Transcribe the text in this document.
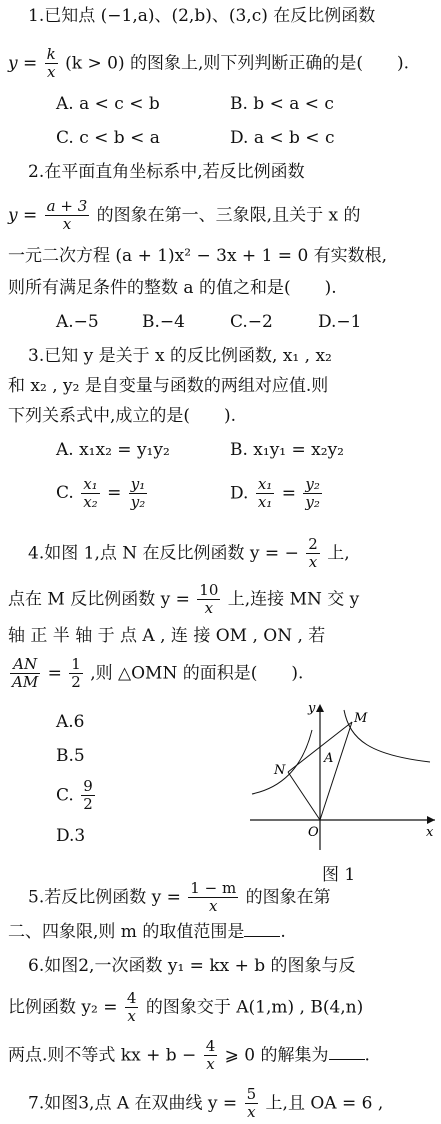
1.已知点 (−1,a)、(2,b)、(3,c) 在反比例函数
$y = \frac{k}{x} (k > 0)$ 的图象上,则下列判断正确的是(　　).
A. a < c < b	B. b < a < c
C. c < b < a	D. a < b < c
2.在平面直角坐标系中,若反比例函数
$y = \frac{a + 3}{x}$ 的图象在第一、三象限,且关于 x 的
一元二次方程 (a + 1)x² − 3x + 1 = 0 有实数根,
则所有满足条件的整数 a 的值之和是(　　).
A.−5	B.−4	C.−2	D.−1
3.已知 y 是关于 x 的反比例函数, x₁ , x₂
和 x₂ , y₂ 是自变量与函数的两组对应值.则
下列关系式中,成立的是(　　).
A. x₁x₂ = y₁y₂	B. x₁y₁ = x₂y₂
C. $\frac{\text{x₁}}{\text{x₂}} = \frac{\text{y₁}}{\text{y₂}}$	D. $\frac{\text{x₁}}{\text{x₁}} = \frac{\text{y₂}}{\text{y₂}}$
4.如图 1,点 N 在反比例函数 y = − $\frac{2}{x}$ 上,
点在 M 反比例函数 $y = \frac{10}{x}$ 上,连接 MN 交 y
轴 正 半 轴 于 点 A , 连 接 OM , ON , 若
$\frac{AN}{AM} = \frac{1}{2}$ ,则 △OMN 的面积是(　　).
A.6
B.5
C. $\frac{9}{2}$
D.3
y
x
M
N
A
O
图 1
5.若反比例函数 $y = \frac{1 - m}{x}$ 的图象在第
二、四象限,则 m 的取值范围是 .
6.如图2,一次函数 y₁ = kx + b 的图象与反
比例函数 $y_2 = \frac{4}{x}$ 的图象交于 A(1,m) , B(4,n)
两点.则不等式 kx + $b - \frac{4}{x}$ ⩾ 0 的解集为 .
7.如图3,点 A 在双曲线 $y = \frac{5}{x}$ 上,且 OA = 6 ,
